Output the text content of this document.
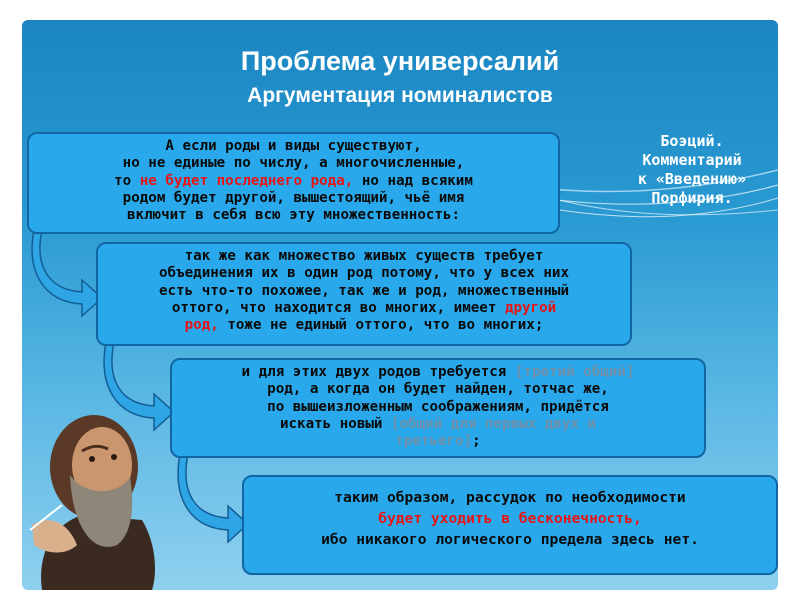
Проблема универсалий
Аргументация номиналистов
Боэций.
Комментарий
к «Введению»
Порфирия.
А если роды и виды существуют,
но не единые по числу, а многочисленные,
то не будет последнего рода, но над всяким
родом будет другой, вышестоящий, чьё имя
включит в себя всю эту множественность:
так же как множество живых существ требует
объединения их в один род потому, что у всех них
есть что-то похожее, так же и род, множественный
оттого, что находится во многих, имеет другой
род, тоже не единый оттого, что во многих;
и для этих двух родов требуется [третий общий]
род, а когда он будет найден, тотчас же,
по вышеизложенным соображениям, придётся
искать новый [общий для первых двух и
третьего];
таким образом, рассудок по необходимости
будет уходить в бесконечность,
ибо никакого логического предела здесь нет.
